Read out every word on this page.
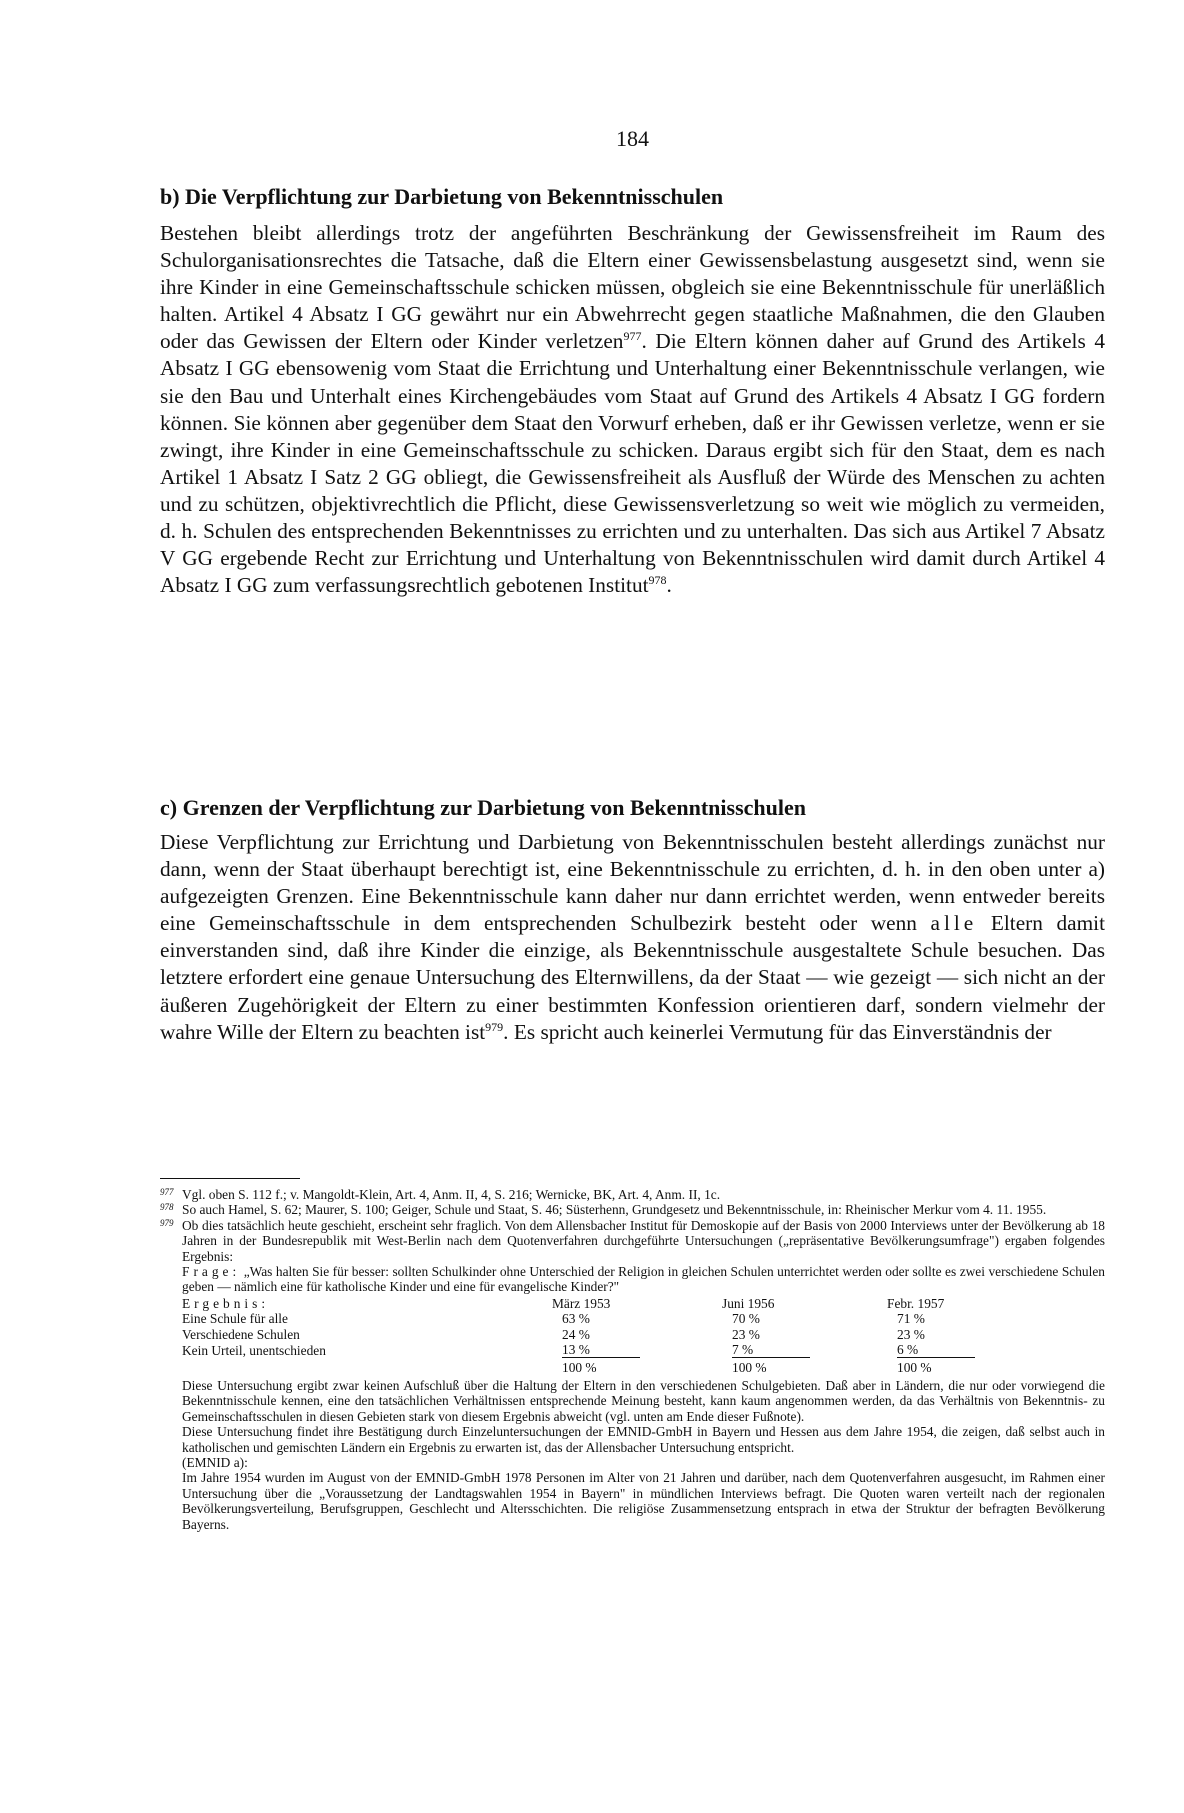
184
b) Die Verpflichtung zur Darbietung von Bekenntnisschulen

Bestehen bleibt allerdings trotz der angeführten Beschränkung der Gewissensfreiheit im Raum des Schulorganisationsrechtes die Tatsache, daß die Eltern einer Gewissensbelastung ausgesetzt sind, wenn sie ihre Kinder in eine Gemeinschaftsschule schicken müssen, obgleich sie eine Bekenntnisschule für unerläßlich halten. Artikel 4 Absatz I GG gewährt nur ein Abwehrrecht gegen staatliche Maßnahmen, die den Glauben oder das Gewissen der Eltern oder Kinder verletzen$^{977}$. Die Eltern können daher auf Grund des Artikels 4 Absatz I GG ebensowenig vom Staat die Errichtung und Unterhaltung einer Bekenntnisschule verlangen, wie sie den Bau und Unterhalt eines Kirchengebäudes vom Staat auf Grund des Artikels 4 Absatz I GG fordern können. Sie können aber gegenüber dem Staat den Vorwurf erheben, daß er ihr Gewissen verletze, wenn er sie zwingt, ihre Kinder in eine Gemeinschaftsschule zu schicken. Daraus ergibt sich für den Staat, dem es nach Artikel 1 Absatz I Satz 2 GG obliegt, die Gewissensfreiheit als Ausfluß der Würde des Menschen zu achten und zu schützen, objektivrechtlich die Pflicht, diese Gewissensverletzung so weit wie möglich zu vermeiden, d. h. Schulen des entsprechenden Bekenntnisses zu errichten und zu unterhalten. Das sich aus Artikel 7 Absatz V GG ergebende Recht zur Errichtung und Unterhaltung von Bekenntnisschulen wird damit durch Artikel 4 Absatz I GG zum verfassungsrechtlich gebotenen Institut$^{978}$.

c) Grenzen der Verpflichtung zur Darbietung von Bekenntnisschulen

Diese Verpflichtung zur Errichtung und Darbietung von Bekenntnisschulen besteht allerdings zunächst nur dann, wenn der Staat überhaupt berechtigt ist, eine Bekenntnisschule zu errichten, d. h. in den oben unter a) aufgezeigten Grenzen. Eine Bekenntnisschule kann daher nur dann errichtet werden, wenn entweder bereits eine Gemeinschaftsschule in dem entsprechenden Schulbezirk besteht oder wenn alle Eltern damit einverstanden sind, daß ihre Kinder die einzige, als Bekenntnisschule ausgestaltete Schule besuchen. Das letztere erfordert eine genaue Untersuchung des Elternwillens, da der Staat — wie gezeigt — sich nicht an der äußeren Zugehörigkeit der Eltern zu einer bestimmten Konfession orientieren darf, sondern vielmehr der wahre Wille der Eltern zu beachten ist$^{979}$. Es spricht auch keinerlei Vermutung für das Einverständnis der

977 Vgl. oben S. 112 f.; v. Mangoldt-Klein, Art. 4, Anm. II, 4, S. 216; Wernicke, BK, Art. 4, Anm. II, 1c.

978 So auch Hamel, S. 62; Maurer, S. 100; Geiger, Schule und Staat, S. 46; Süsterhenn, Grundgesetz und Bekenntnisschule, in: Rheinischer Merkur vom 4. 11. 1955.

979 Ob dies tatsächlich heute geschieht, erscheint sehr fraglich. Von dem Allensbacher Institut für Demoskopie auf der Basis von 2000 Interviews unter der Bevölkerung ab 18 Jahren in der Bundesrepublik mit West-Berlin nach dem Quotenverfahren durchgeführte Untersuchungen („repräsentative Bevölkerungsumfrage") ergaben folgendes Ergebnis:

Frage: „Was halten Sie für besser: sollten Schulkinder ohne Unterschied der Religion in gleichen Schulen unterrichtet werden oder sollte es zwei verschiedene Schulen geben — nämlich eine für katholische Kinder und eine für evangelische Kinder?"

Ergebnis:	März 1953	Juni 1956	Febr. 1957
Eine Schule für alle	63 %	70 %	71 %
Verschiedene Schulen	24 %	23 %	23 %
Kein Urteil, unentschieden	13 %	7 %	6 %
	100 %	100 %	100 %

Diese Untersuchung ergibt zwar keinen Aufschluß über die Haltung der Eltern in den verschiedenen Schulgebieten. Daß aber in Ländern, die nur oder vorwiegend die Bekenntnisschule kennen, eine den tatsächlichen Verhältnissen entsprechende Meinung besteht, kann kaum angenommen werden, da das Verhältnis von Bekenntnis- zu Gemeinschaftsschulen in diesen Gebieten stark von diesem Ergebnis abweicht (vgl. unten am Ende dieser Fußnote).

Diese Untersuchung findet ihre Bestätigung durch Einzeluntersuchungen der EMNID-GmbH in Bayern und Hessen aus dem Jahre 1954, die zeigen, daß selbst auch in katholischen und gemischten Ländern ein Ergebnis zu erwarten ist, das der Allensbacher Untersuchung entspricht.

(EMNID a):

Im Jahre 1954 wurden im August von der EMNID-GmbH 1978 Personen im Alter von 21 Jahren und darüber, nach dem Quotenverfahren ausgesucht, im Rahmen einer Untersuchung über die „Voraussetzung der Landtagswahlen 1954 in Bayern" in mündlichen Interviews befragt. Die Quoten waren verteilt nach der regionalen Bevölkerungsverteilung, Berufsgruppen, Geschlecht und Altersschichten. Die religiöse Zusammensetzung entsprach in etwa der Struktur der befragten Bevölkerung Bayerns.
